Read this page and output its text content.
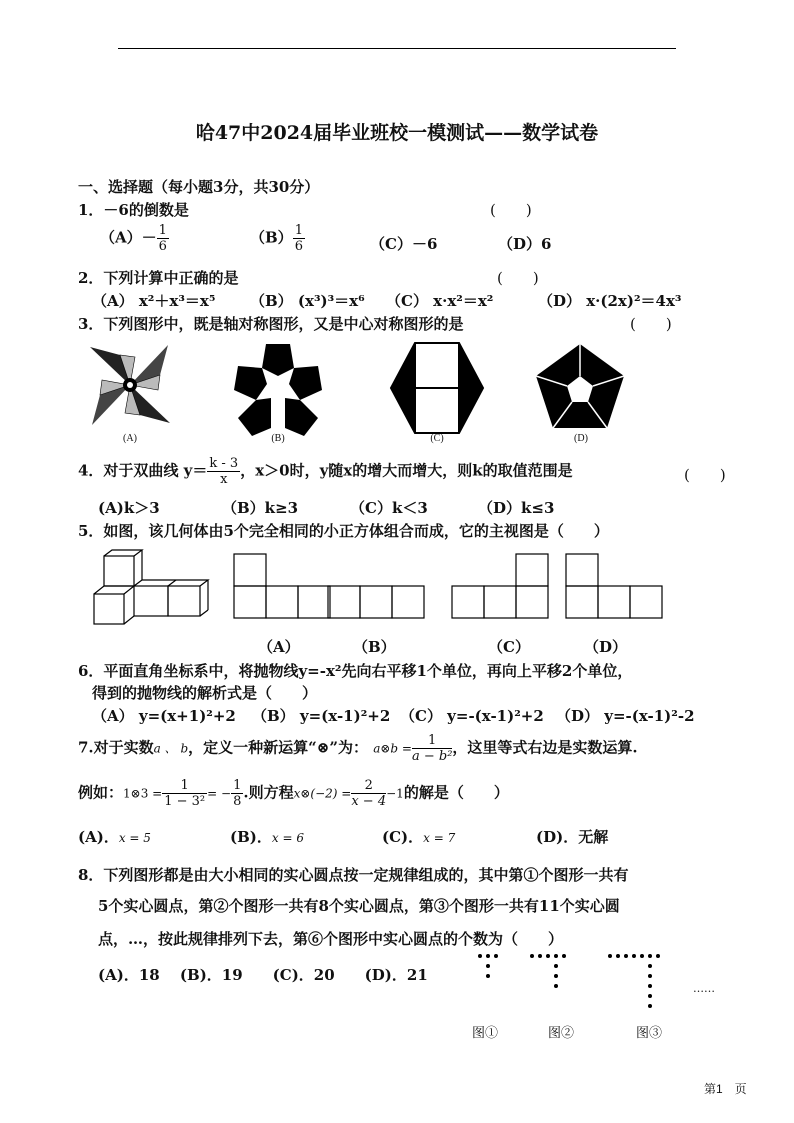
哈47中2024届毕业班校一模测试——数学试卷
一、选择题（每小题3分，共30分）
1．－6的倒数是	(　　)
$(A)- \frac{1}{6}$	$(B) \frac{1}{6}$	（C）－6	（D）6
2．下列计算中正确的是	(　　)
（A） x²＋x³＝x⁵ （B） (x³)³＝x⁶ （C） x·x²＝x²	（D） x·(2x)²＝4x³
3．下列图形中，既是轴对称图形，又是中心对称图形的是	(　　)
(A)	(B)	(C)	(D)
4．对于双曲线 $y= \frac{k - 3}{x}$ ，x＞0时，y随x的增大而增大，则k的取值范围是	(　　)
(A)k＞3	（B）k≥3	（C）k＜3	（D）k≤3
5．如图，该几何体由5个完全相同的小正方体组合而成，它的主视图是（　　）
（A）	（B）	（C）	（D）
6．平面直角坐标系中，将抛物线y=-x²先向右平移1个单位，再向上平移2个单位，
得到的抛物线的解析式是（　　）
（A） y=(x+1)²+2 （B） y=(x-1)²+2 （C） y=-(x-1)²+2 （D） y=-(x-1)²-2
7.对于实数a 、 b，定义一种新运算“⊗”为： a⊗b = $\frac{1}{\text{a − b²}}$，这里等式右边是实数运算.
例如：1⊗3 = $\frac{1}{\text{1 − 3²}}$ = − $\frac{1}{8}$ .则方程x⊗(−2) = $\frac{2}{x - 4}-1$的解是（　　）
(A)．x = 5	(B)．x = 6	(C)．x = 7	(D)．无解
8．下列图形都是由大小相同的实心圆点按一定规律组成的，其中第①个图形一共有
5个实心圆点，第②个图形一共有8个实心圆点，第③个图形一共有11个实心圆
点，…，按此规律排列下去，第⑥个图形中实心圆点的个数为（　　）
(A)．18　 (B)．19　　(C)．20　　(D)．21
……
图①	图②	图③
第1　页
